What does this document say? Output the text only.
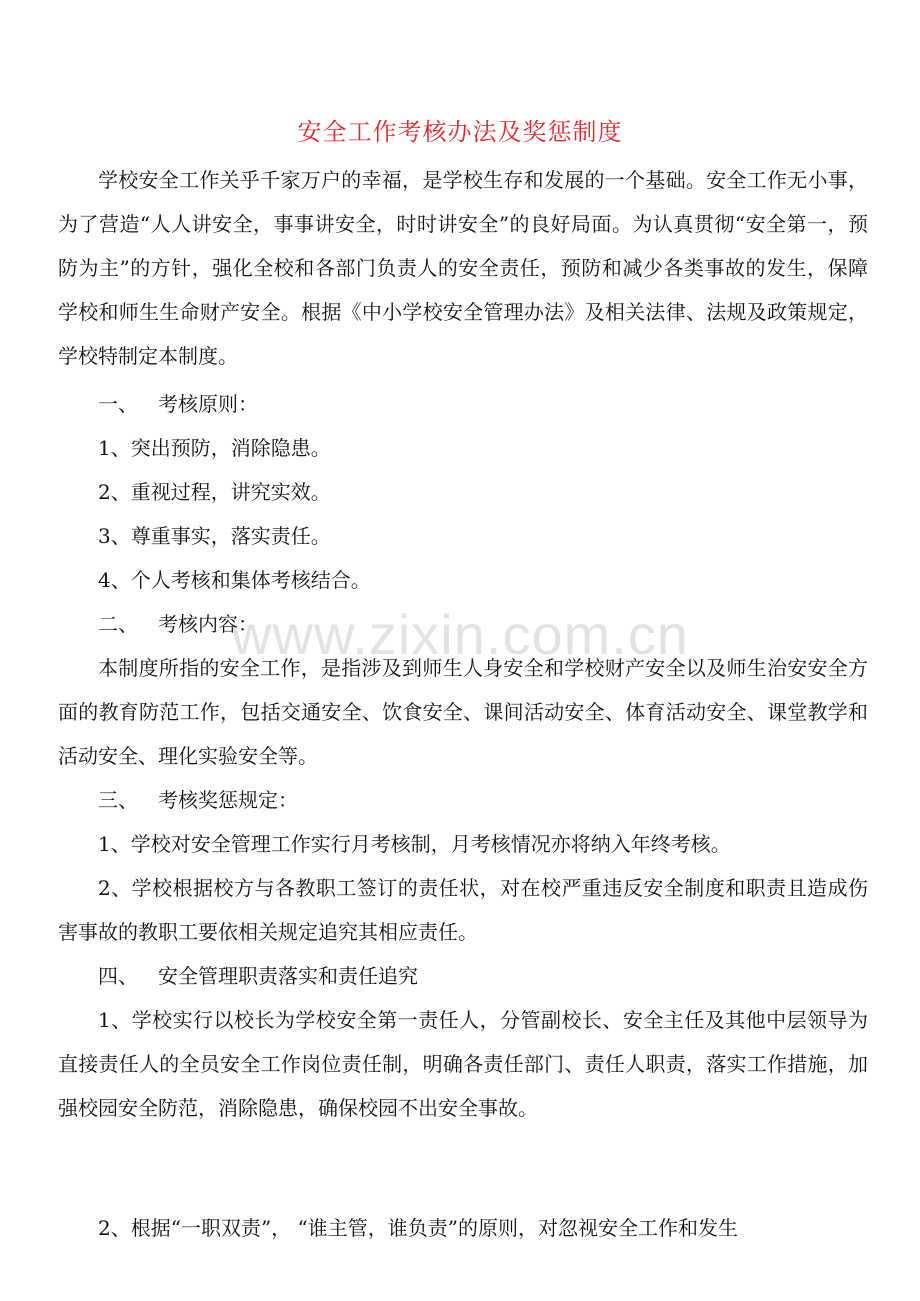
安全工作考核办法及奖惩制度

学校安全工作关乎千家万户的幸福，是学校生存和发展的一个基础。安全工作无小事，为了营造“人人讲安全，事事讲安全，时时讲安全”的良好局面。为认真贯彻“安全第一，预防为主”的方针，强化全校和各部门负责人的安全责任，预防和减少各类事故的发生，保障学校和师生生命财产安全。根据《中小学校安全管理办法》及相关法律、法规及政策规定，学校特制定本制度。

一、 考核原则：

1、突出预防，消除隐患。

2、重视过程，讲究实效。

3、尊重事实，落实责任。

4、个人考核和集体考核结合。

二、 考核内容：

本制度所指的安全工作，是指涉及到师生人身安全和学校财产安全以及师生治安安全方面的教育防范工作，包括交通安全、饮食安全、课间活动安全、体育活动安全、课堂教学和活动安全、理化实验安全等。

三、 考核奖惩规定：

1、学校对安全管理工作实行月考核制，月考核情况亦将纳入年终考核。

2、学校根据校方与各教职工签订的责任状，对在校严重违反安全制度和职责且造成伤害事故的教职工要依相关规定追究其相应责任。

四、 安全管理职责落实和责任追究

1、学校实行以校长为学校安全第一责任人，分管副校长、安全主任及其他中层领导为直接责任人的全员安全工作岗位责任制，明确各责任部门、责任人职责，落实工作措施，加强校园安全防范，消除隐患，确保校园不出安全事故。

2、根据“一职双责”， “谁主管，谁负责”的原则，对忽视安全工作和发生

www.zixin.com.cn
